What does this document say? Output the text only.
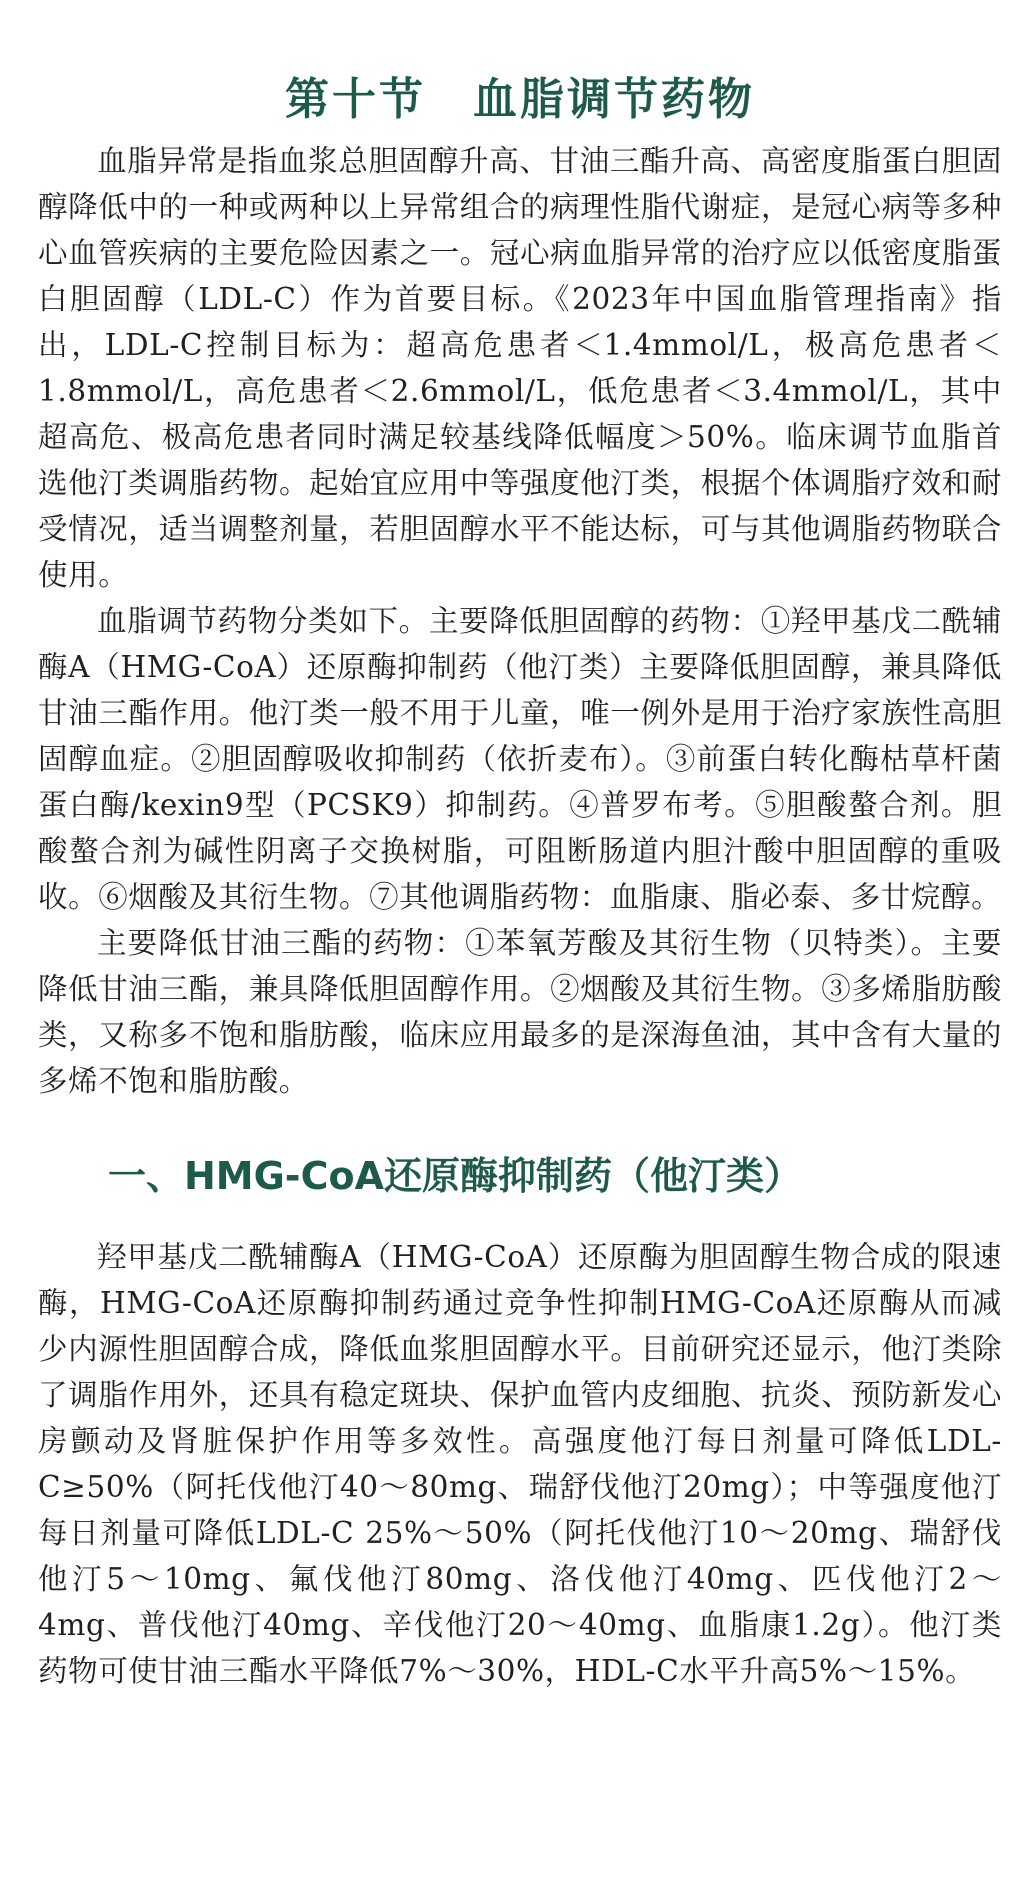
第十节　血脂调节药物

血脂异常是指血浆总胆固醇升高、甘油三酯升高、高密度脂蛋白胆固醇降低中的一种或两种以上异常组合的病理性脂代谢症，是冠心病等多种心血管疾病的主要危险因素之一。冠心病血脂异常的治疗应以低密度脂蛋白胆固醇（LDL-C）作为首要目标。《2023年中国血脂管理指南》指出，LDL-C控制目标为：超高危患者＜1.4mmol/L，极高危患者＜1.8mmol/L，高危患者＜2.6mmol/L，低危患者＜3.4mmol/L，其中超高危、极高危患者同时满足较基线降低幅度＞50%。临床调节血脂首选他汀类调脂药物。起始宜应用中等强度他汀类，根据个体调脂疗效和耐受情况，适当调整剂量，若胆固醇水平不能达标，可与其他调脂药物联合使用。

血脂调节药物分类如下。主要降低胆固醇的药物：①羟甲基戊二酰辅酶A（HMG-CoA）还原酶抑制药（他汀类）主要降低胆固醇，兼具降低甘油三酯作用。他汀类一般不用于儿童，唯一例外是用于治疗家族性高胆固醇血症。②胆固醇吸收抑制药（依折麦布）。③前蛋白转化酶枯草杆菌蛋白酶/kexin9型（PCSK9）抑制药。④普罗布考。⑤胆酸螯合剂。胆酸螯合剂为碱性阴离子交换树脂，可阻断肠道内胆汁酸中胆固醇的重吸收。⑥烟酸及其衍生物。⑦其他调脂药物：血脂康、脂必泰、多廿烷醇。

主要降低甘油三酯的药物：①苯氧芳酸及其衍生物（贝特类）。主要降低甘油三酯，兼具降低胆固醇作用。②烟酸及其衍生物。③多烯脂肪酸类，又称多不饱和脂肪酸，临床应用最多的是深海鱼油，其中含有大量的多烯不饱和脂肪酸。

一、HMG-CoA还原酶抑制药（他汀类）

羟甲基戊二酰辅酶A（HMG-CoA）还原酶为胆固醇生物合成的限速酶，HMG-CoA还原酶抑制药通过竞争性抑制HMG-CoA还原酶从而减少内源性胆固醇合成，降低血浆胆固醇水平。目前研究还显示，他汀类除了调脂作用外，还具有稳定斑块、保护血管内皮细胞、抗炎、预防新发心房颤动及肾脏保护作用等多效性。高强度他汀每日剂量可降低LDL-C≥50%（阿托伐他汀40～80mg、瑞舒伐他汀20mg）；中等强度他汀每日剂量可降低LDL-C 25%～50%（阿托伐他汀10～20mg、瑞舒伐他汀5～10mg、氟伐他汀80mg、洛伐他汀40mg、匹伐他汀2～4mg、普伐他汀40mg、辛伐他汀20～40mg、血脂康1.2g）。他汀类药物可使甘油三酯水平降低7%～30%，HDL-C水平升高5%～15%。
